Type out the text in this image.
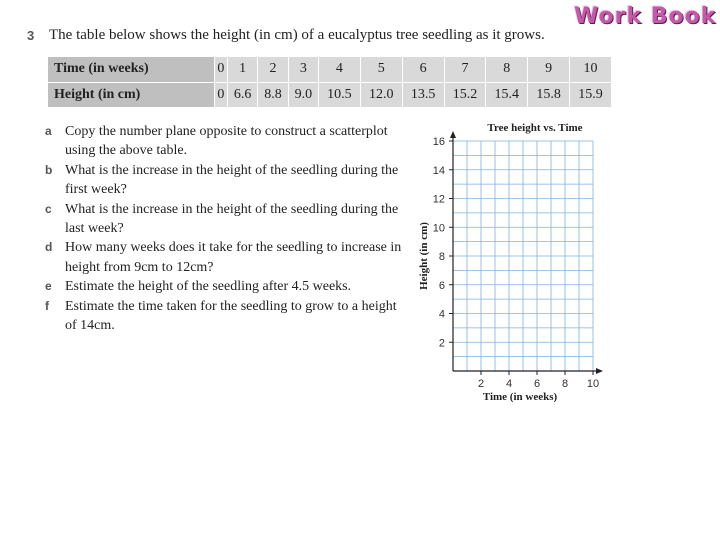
3 The table below shows the height (in cm) of a eucalyptus tree seedling as it grows.
Work Book
Time (in weeks)	0	1	2	3	4	5	6	7	8	9	10
Height (in cm)	0	6.6	8.8	9.0	10.5	12.0	13.5	15.2	15.4	15.8	15.9
a Copy the number plane opposite to construct a scatterplot using the above table.
b What is the increase in the height of the seedling during the first week?
c What is the increase in the height of the seedling during the last week?
d How many weeks does it take for the seedling to increase in height from 9cm to 12cm?
e Estimate the height of the seedling after 4.5 weeks.
f Estimate the time taken for the seedling to grow to a height of 14cm.
2 4 6 8 10
2
4
6
8
10
12
14
16
Tree height vs. Time
Time (in weeks)
Height (in cm)
